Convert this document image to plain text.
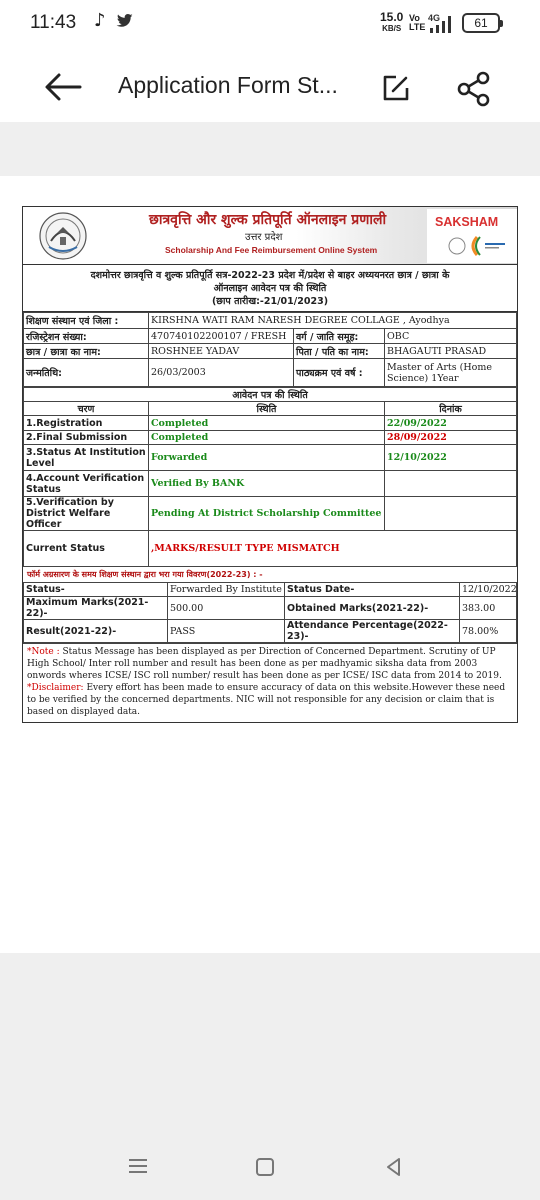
11:43 ♪	15.0
KB/S
Vo LTE
4G	61
Application Form St...
छात्रवृत्ति और शुल्क प्रतिपूर्ति ऑनलाइन प्रणाली
उत्तर प्रदेश
Scholarship And Fee Reimbursement Online System
SAKSHAM
दशमोत्तर छात्रवृत्ति व शुल्क प्रतिपूर्ति सत्र-2022-23 प्रदेश में/प्रदेश से बाहर अध्ययनरत छात्र / छात्रा के
ऑनलाइन आवेदन पत्र की स्थिति
(छाप तारीख:-21/01/2023)
शिक्षण संस्थान एवं जिला :	KIRSHNA WATI RAM NARESH DEGREE COLLAGE , Ayodhya		
रजिस्ट्रेशन संख्या:	470740102200107 / FRESH	वर्ग / जाति समूह:	OBC
छात्र / छात्रा का नाम:	ROSHNEE YADAV	पिता / पति का नाम:	BHAGAUTI PRASAD
जन्मतिथि:	26/03/2003	पाठ्यक्रम एवं वर्ष :	Master of Arts (Home Science) 1Year
आवेदन पत्र की स्थिति		
चरण	स्थिति	दिनांक
1.Registration	Completed	22/09/2022
2.Final Submission	Completed	28/09/2022
3.Status At Institution Level	Forwarded	12/10/2022
4.Account Verification Status	Verified By BANK	
5.Verification by District Welfare Officer	Pending At District Scholarship Committee	
Current Status	,MARKS/RESULT TYPE MISMATCH	
फॉर्म अग्रसारण के समय शिक्षण संस्थान द्वारा भरा गया विवरण(2022-23) : -
Status-	Forwarded By Institute	Status Date-	12/10/2022
Maximum Marks(2021-22)-	500.00	Obtained Marks(2021-22)-	383.00
Result(2021-22)-	PASS	Attendance Percentage(2022-23)-	78.00%
*Note : Status Message has been displayed as per Direction of Concerned Department. Scrutiny of UP High School/ Inter roll number and result has been done as per madhyamic siksha data from 2003 onwords wheres ICSE/ ISC roll number/ result has been done as per ICSE/ ISC data from 2014 to 2019.
*Disclaimer: Every effort has been made to ensure accuracy of data on this website.However these need to be verified by the concerned departments. NIC will not responsible for any decision or claim that is based on displayed data.
